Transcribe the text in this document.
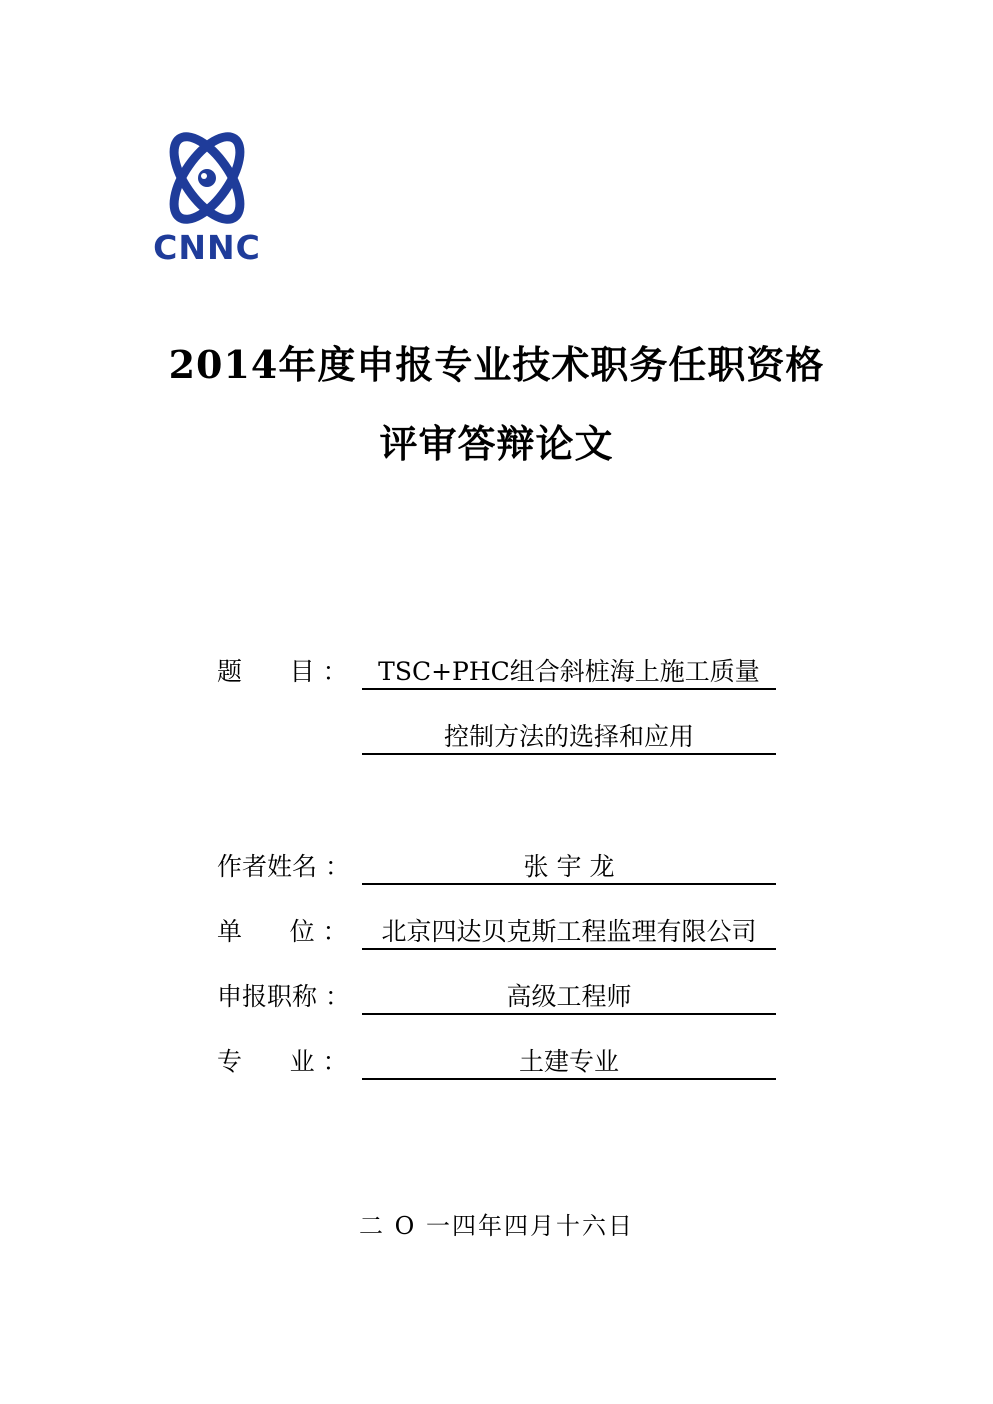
CNNC
2014年度申报专业技术职务任职资格
评审答辩论文
题      目 ：	TSC+PHC组合斜桩海上施工质量
控制方法的选择和应用
作者姓名 ：	张 宇 龙
单      位 ：	北京四达贝克斯工程监理有限公司
申报职称 ：	高级工程师
专      业 ：	土建专业
二 O 一四年四月十六日
